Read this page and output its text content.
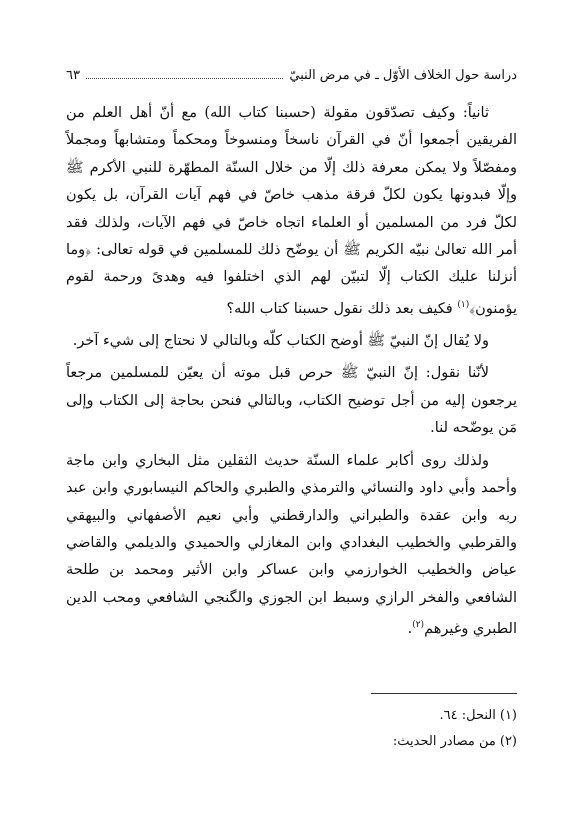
دراسة حول الخلاف الأوّل ـ في مرض النبيّ
٦٣

ثانياً: وكيف تصدّقون مقولة (حسبنا كتاب الله) مع أنّ أهل العلم من الفريقين أجمعوا أنّ في القرآن ناسخاً ومنسوخاً ومحكماً ومتشابهاً ومجملاً ومفصّلاً ولا يمكن معرفة ذلك إلّا من خلال السنّة المطهّرة للنبي الأكرم ﷺ وإلّا فبدونها يكون لكلّ فرقة مذهب خاصّ في فهم آيات القرآن، بل يكون لكلّ فرد من المسلمين أو العلماء اتجاه خاصّ في فهم الآيات، ولذلك فقد أمر الله تعالىٰ نبيّه الكريم ﷺ أن يوضّح ذلك للمسلمين في قوله تعالى: ﴿وما أنزلنا عليك الكتاب إلّا لتبيّن لهم الذي اختلفوا فيه وهدىً ورحمة لقوم يؤمنون﴾$^{(١)}$ فكيف بعد ذلك نقول حسبنا كتاب الله؟

ولا يُقال إنّ النبيّ ﷺ أوضح الكتاب كلّه وبالتالي لا نحتاج إلى شيء آخر.

لأنّنا نقول: إنّ النبيّ ﷺ حرص قبل موته أن يعيّن للمسلمين مرجعاً يرجعون إليه من أجل توضيح الكتاب، وبالتالي فنحن بحاجة إلى الكتاب وإلى مَن يوضّحه لنا.

ولذلك روى أكابر علماء السنّة حديث الثقلين مثل البخاري وابن ماجة وأحمد وأبي داود والنسائي والترمذي والطبري والحاكم النيسابوري وابن عبد ربه وابن عقدة والطبراني والدارقطني وأبي نعيم الأصفهاني والبيهقي والقرطبي والخطيب البغدادي وابن المغازلي والحميدي والديلمي والقاضي عياض والخطيب الخوارزمي وابن عساكر وابن الأثير ومحمد بن طلحة الشافعي والفخر الرازي وسبط ابن الجوزي والگنجي الشافعي ومحب الدين الطبري وغيرهم$^{(٢)}$.

(١)
النحل: ٦٤.
(٢)
من مصادر الحديث:
